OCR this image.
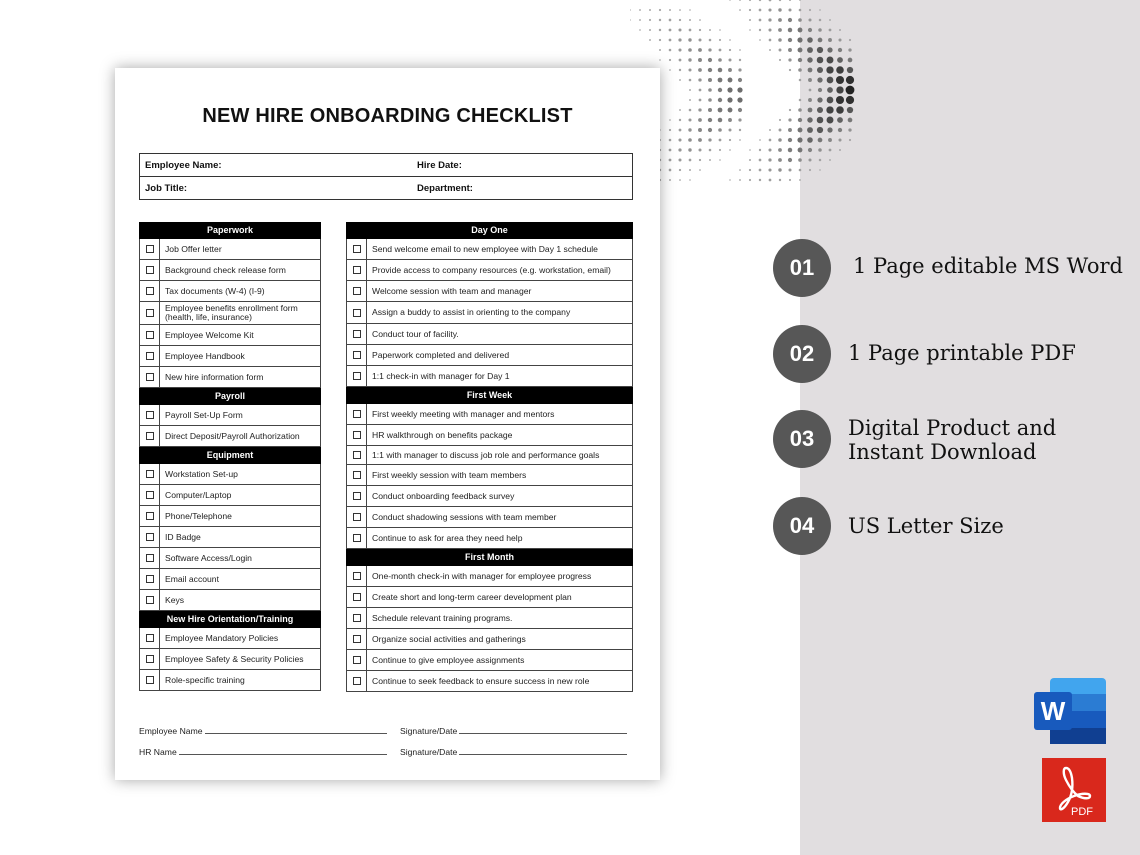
NEW HIRE ONBOARDING CHECKLIST
Employee Name:	Hire Date:
Job Title:	Department:
Paperwork
Job Offer letter
Background check release form
Tax documents (W-4) (I-9)
Employee benefits enrollment form (health, life, insurance)
Employee Welcome Kit
Employee Handbook
New hire information form
Payroll
Payroll Set-Up Form
Direct Deposit/Payroll Authorization
Equipment
Workstation Set-up
Computer/Laptop
Phone/Telephone
ID Badge
Software Access/Login
Email account
Keys
New Hire Orientation/Training
Employee Mandatory Policies
Employee Safety & Security Policies
Role-specific training
Day One
Send welcome email to new employee with Day 1 schedule
Provide access to company resources (e.g. workstation, email)
Welcome session with team and manager
Assign a buddy to assist in orienting to the company
Conduct tour of facility.
Paperwork completed and delivered
1:1 check-in with manager for Day 1
First Week
First weekly meeting with manager and mentors
HR walkthrough on benefits package
1:1 with manager to discuss job role and performance goals
First weekly session with team members
Conduct onboarding feedback survey
Conduct shadowing sessions with team member
Continue to ask for area they need help
First Month
One-month check-in with manager for employee progress
Create short and long-term career development plan
Schedule relevant training programs.
Organize social activities and gatherings
Continue to give employee assignments
Continue to seek feedback to ensure success in new role
Employee Name	Signature/Date
HR Name	Signature/Date
01	1 Page editable MS Word
02	1 Page printable PDF
03	Digital Product and Instant Download
04	US Letter Size
W
PDF
